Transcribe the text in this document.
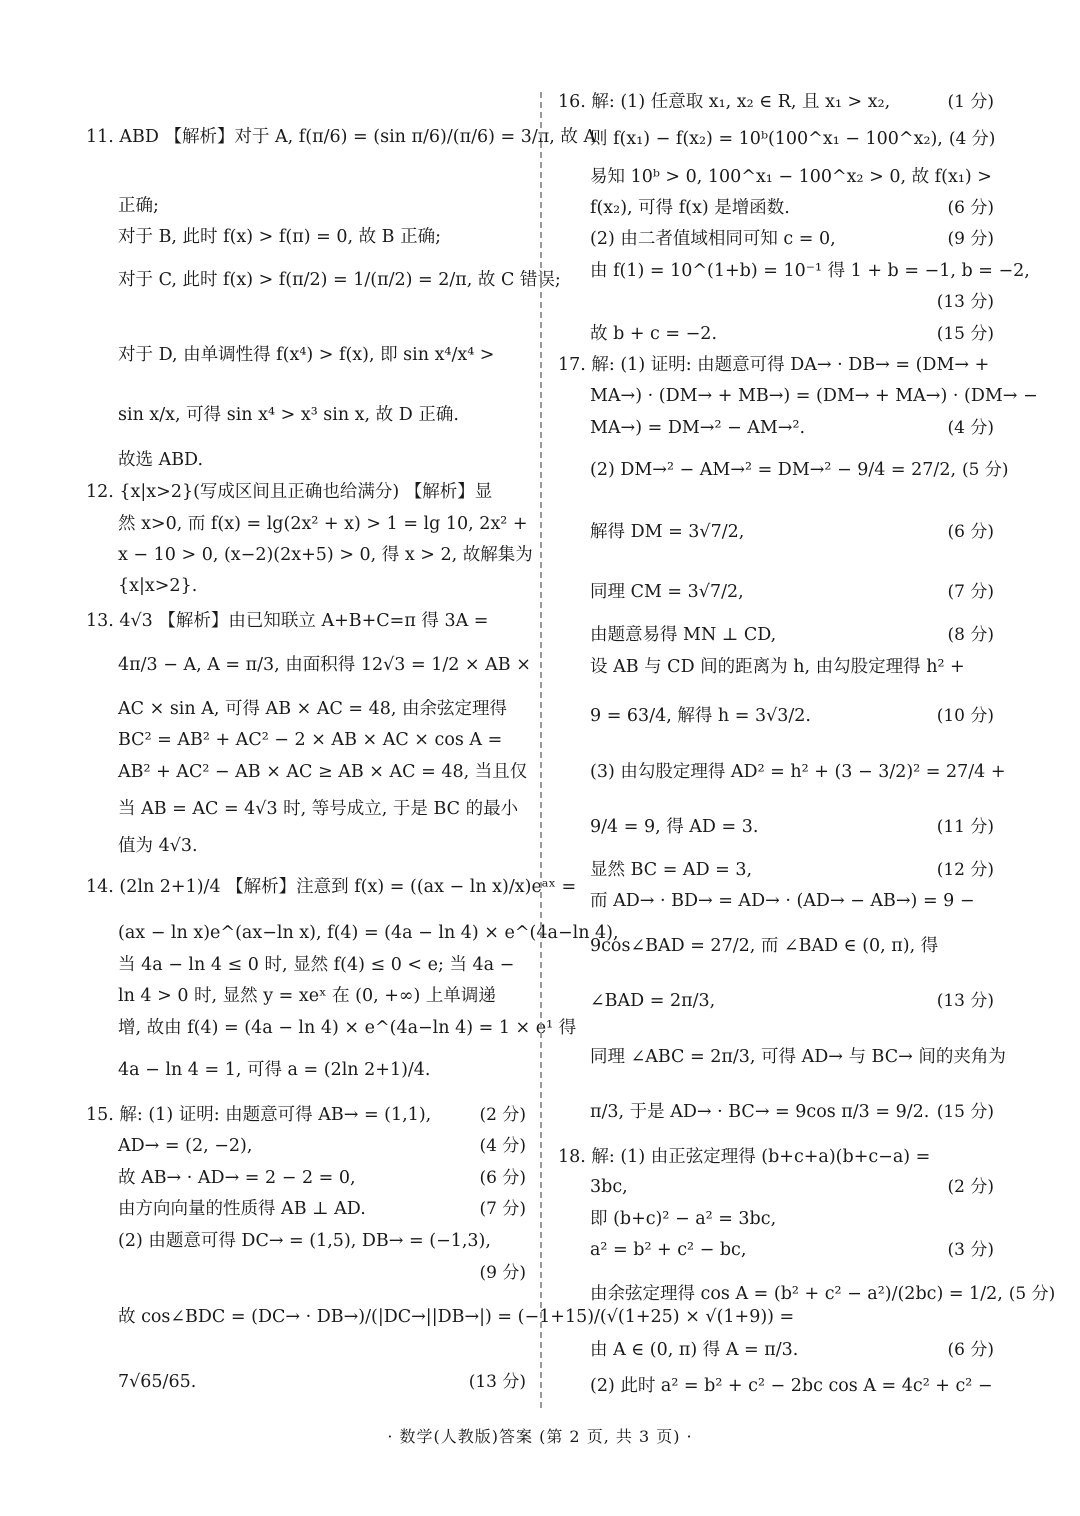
11. ABD 【解析】对于 A, f(π/6) = (sin π/6)/(π/6) = 3/π, 故 A
正确;
对于 B, 此时 f(x) > f(π) = 0, 故 B 正确;
对于 C, 此时 f(x) > f(π/2) = 1/(π/2) = 2/π, 故 C 错误;
对于 D, 由单调性得 f(x⁴) > f(x), 即 sin x⁴/x⁴ >
sin x/x, 可得 sin x⁴ > x³ sin x, 故 D 正确.
故选 ABD.
12. {x|x>2}(写成区间且正确也给满分) 【解析】显
然 x>0, 而 f(x) = lg(2x² + x) > 1 = lg 10, 2x² +
x − 10 > 0, (x−2)(2x+5) > 0, 得 x > 2, 故解集为
{x|x>2}.
13. 4√3 【解析】由已知联立 A+B+C=π 得 3A =
4π/3 − A, A = π/3, 由面积得 12√3 = 1/2 × AB ×
AC × sin A, 可得 AB × AC = 48, 由余弦定理得
BC² = AB² + AC² − 2 × AB × AC × cos A =
AB² + AC² − AB × AC ≥ AB × AC = 48, 当且仅
当 AB = AC = 4√3 时, 等号成立, 于是 BC 的最小
值为 4√3.
14. (2ln 2+1)/4 【解析】注意到 f(x) = ((ax − ln x)/x)eᵃˣ =
(ax − ln x)e^(ax−ln x), f(4) = (4a − ln 4) × e^(4a−ln 4),
当 4a − ln 4 ≤ 0 时, 显然 f(4) ≤ 0 < e; 当 4a −
ln 4 > 0 时, 显然 y = xeˣ 在 (0, +∞) 上单调递
增, 故由 f(4) = (4a − ln 4) × e^(4a−ln 4) = 1 × e¹ 得
4a − ln 4 = 1, 可得 a = (2ln 2+1)/4.
15. 解: (1) 证明: 由题意可得 AB→ = (1,1),	(2 分)
AD→ = (2, −2),	(4 分)
故 AB→ · AD→ = 2 − 2 = 0,	(6 分)
由方向向量的性质得 AB ⊥ AD.	(7 分)
(2) 由题意可得 DC→ = (1,5), DB→ = (−1,3),
(9 分)
故 cos∠BDC = (DC→ · DB→)/(|DC→||DB→|) = (−1+15)/(√(1+25) × √(1+9)) =
7√65/65.	(13 分)
16. 解: (1) 任意取 x₁, x₂ ∈ R, 且 x₁ > x₂,	(1 分)
则 f(x₁) − f(x₂) = 10ᵇ(100^x₁ − 100^x₂), (4 分)
易知 10ᵇ > 0, 100^x₁ − 100^x₂ > 0, 故 f(x₁) >
f(x₂), 可得 f(x) 是增函数.	(6 分)
(2) 由二者值域相同可知 c = 0,	(9 分)
由 f(1) = 10^(1+b) = 10⁻¹ 得 1 + b = −1, b = −2,
(13 分)
故 b + c = −2.	(15 分)
17. 解: (1) 证明: 由题意可得 DA→ · DB→ = (DM→ +
MA→) · (DM→ + MB→) = (DM→ + MA→) · (DM→ −
MA→) = DM→² − AM→².	(4 分)
(2) DM→² − AM→² = DM→² − 9/4 = 27/2, (5 分)
解得 DM = 3√7/2,	(6 分)
同理 CM = 3√7/2,	(7 分)
由题意易得 MN ⊥ CD,	(8 分)
设 AB 与 CD 间的距离为 h, 由勾股定理得 h² +
9 = 63/4, 解得 h = 3√3/2.	(10 分)
(3) 由勾股定理得 AD² = h² + (3 − 3/2)² = 27/4 +
9/4 = 9, 得 AD = 3.	(11 分)
显然 BC = AD = 3,	(12 分)
而 AD→ · BD→ = AD→ · (AD→ − AB→) = 9 −
9cos∠BAD = 27/2, 而 ∠BAD ∈ (0, π), 得
∠BAD = 2π/3,	(13 分)
同理 ∠ABC = 2π/3, 可得 AD→ 与 BC→ 间的夹角为
π/3, 于是 AD→ · BC→ = 9cos π/3 = 9/2. (15 分)
18. 解: (1) 由正弦定理得 (b+c+a)(b+c−a) =
3bc,	(2 分)
即 (b+c)² − a² = 3bc,
a² = b² + c² − bc,	(3 分)
由余弦定理得 cos A = (b² + c² − a²)/(2bc) = 1/2, (5 分)
由 A ∈ (0, π) 得 A = π/3.	(6 分)
(2) 此时 a² = b² + c² − 2bc cos A = 4c² + c² −
· 数学(人教版)答案 (第 2 页, 共 3 页) ·
